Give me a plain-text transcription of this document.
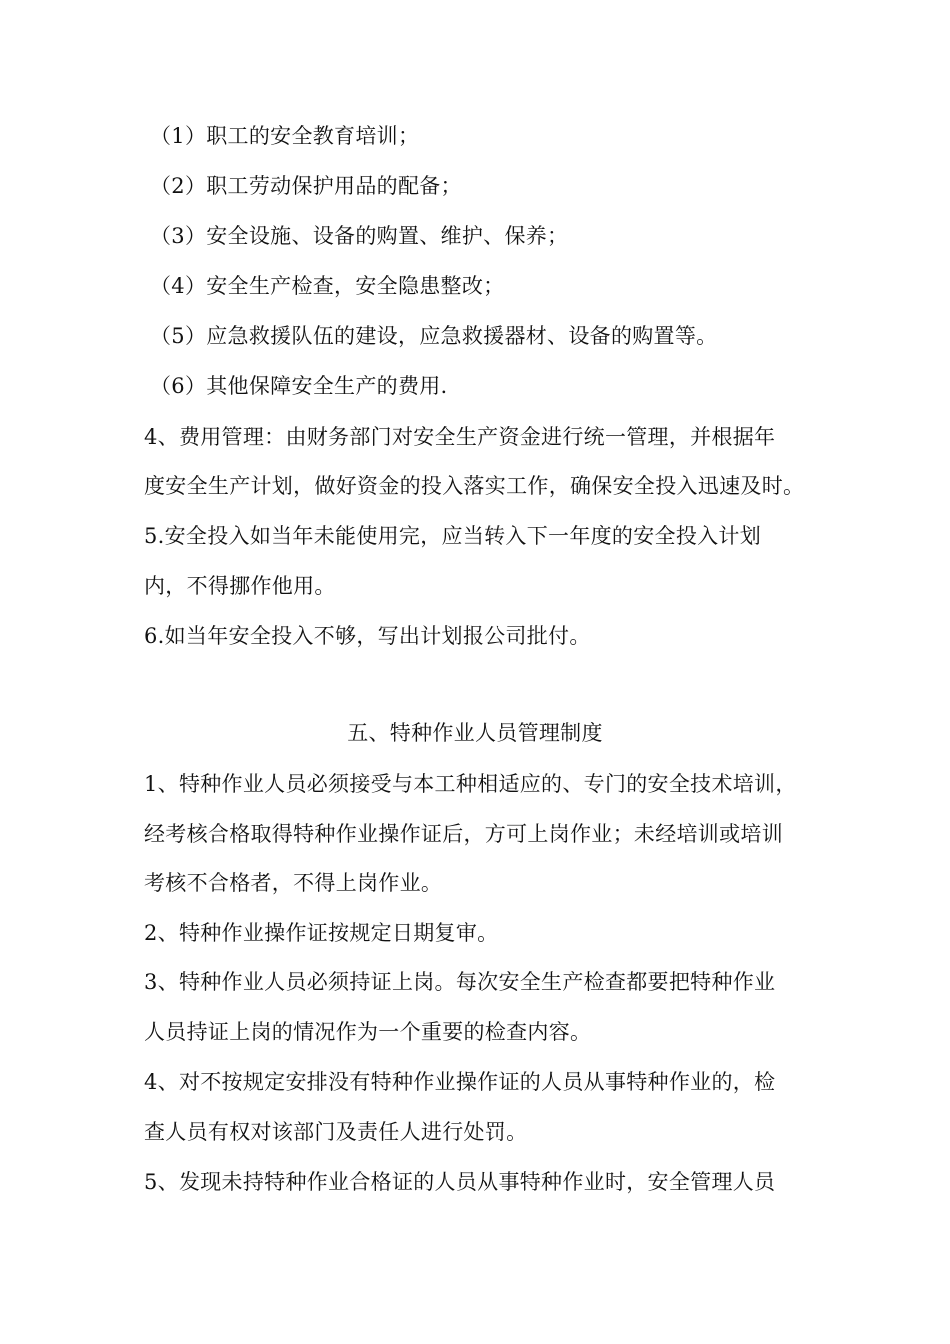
（1）职工的安全教育培训；
（2）职工劳动保护用品的配备；
（3）安全设施、设备的购置、维护、保养；
（4）安全生产检查，安全隐患整改；
（5）应急救援队伍的建设，应急救援器材、设备的购置等。
（6）其他保障安全生产的费用.
4、费用管理：由财务部门对安全生产资金进行统一管理，并根据年
度安全生产计划，做好资金的投入落实工作，确保安全投入迅速及时。
5.安全投入如当年未能使用完，应当转入下一年度的安全投入计划
内，不得挪作他用。
6.如当年安全投入不够，写出计划报公司批付。
五、特种作业人员管理制度
1、特种作业人员必须接受与本工种相适应的、专门的安全技术培训，
经考核合格取得特种作业操作证后，方可上岗作业；未经培训或培训
考核不合格者，不得上岗作业。
2、特种作业操作证按规定日期复审。
3、特种作业人员必须持证上岗。每次安全生产检查都要把特种作业
人员持证上岗的情况作为一个重要的检查内容。
4、对不按规定安排没有特种作业操作证的人员从事特种作业的，检
查人员有权对该部门及责任人进行处罚。
5、发现未持特种作业合格证的人员从事特种作业时，安全管理人员
